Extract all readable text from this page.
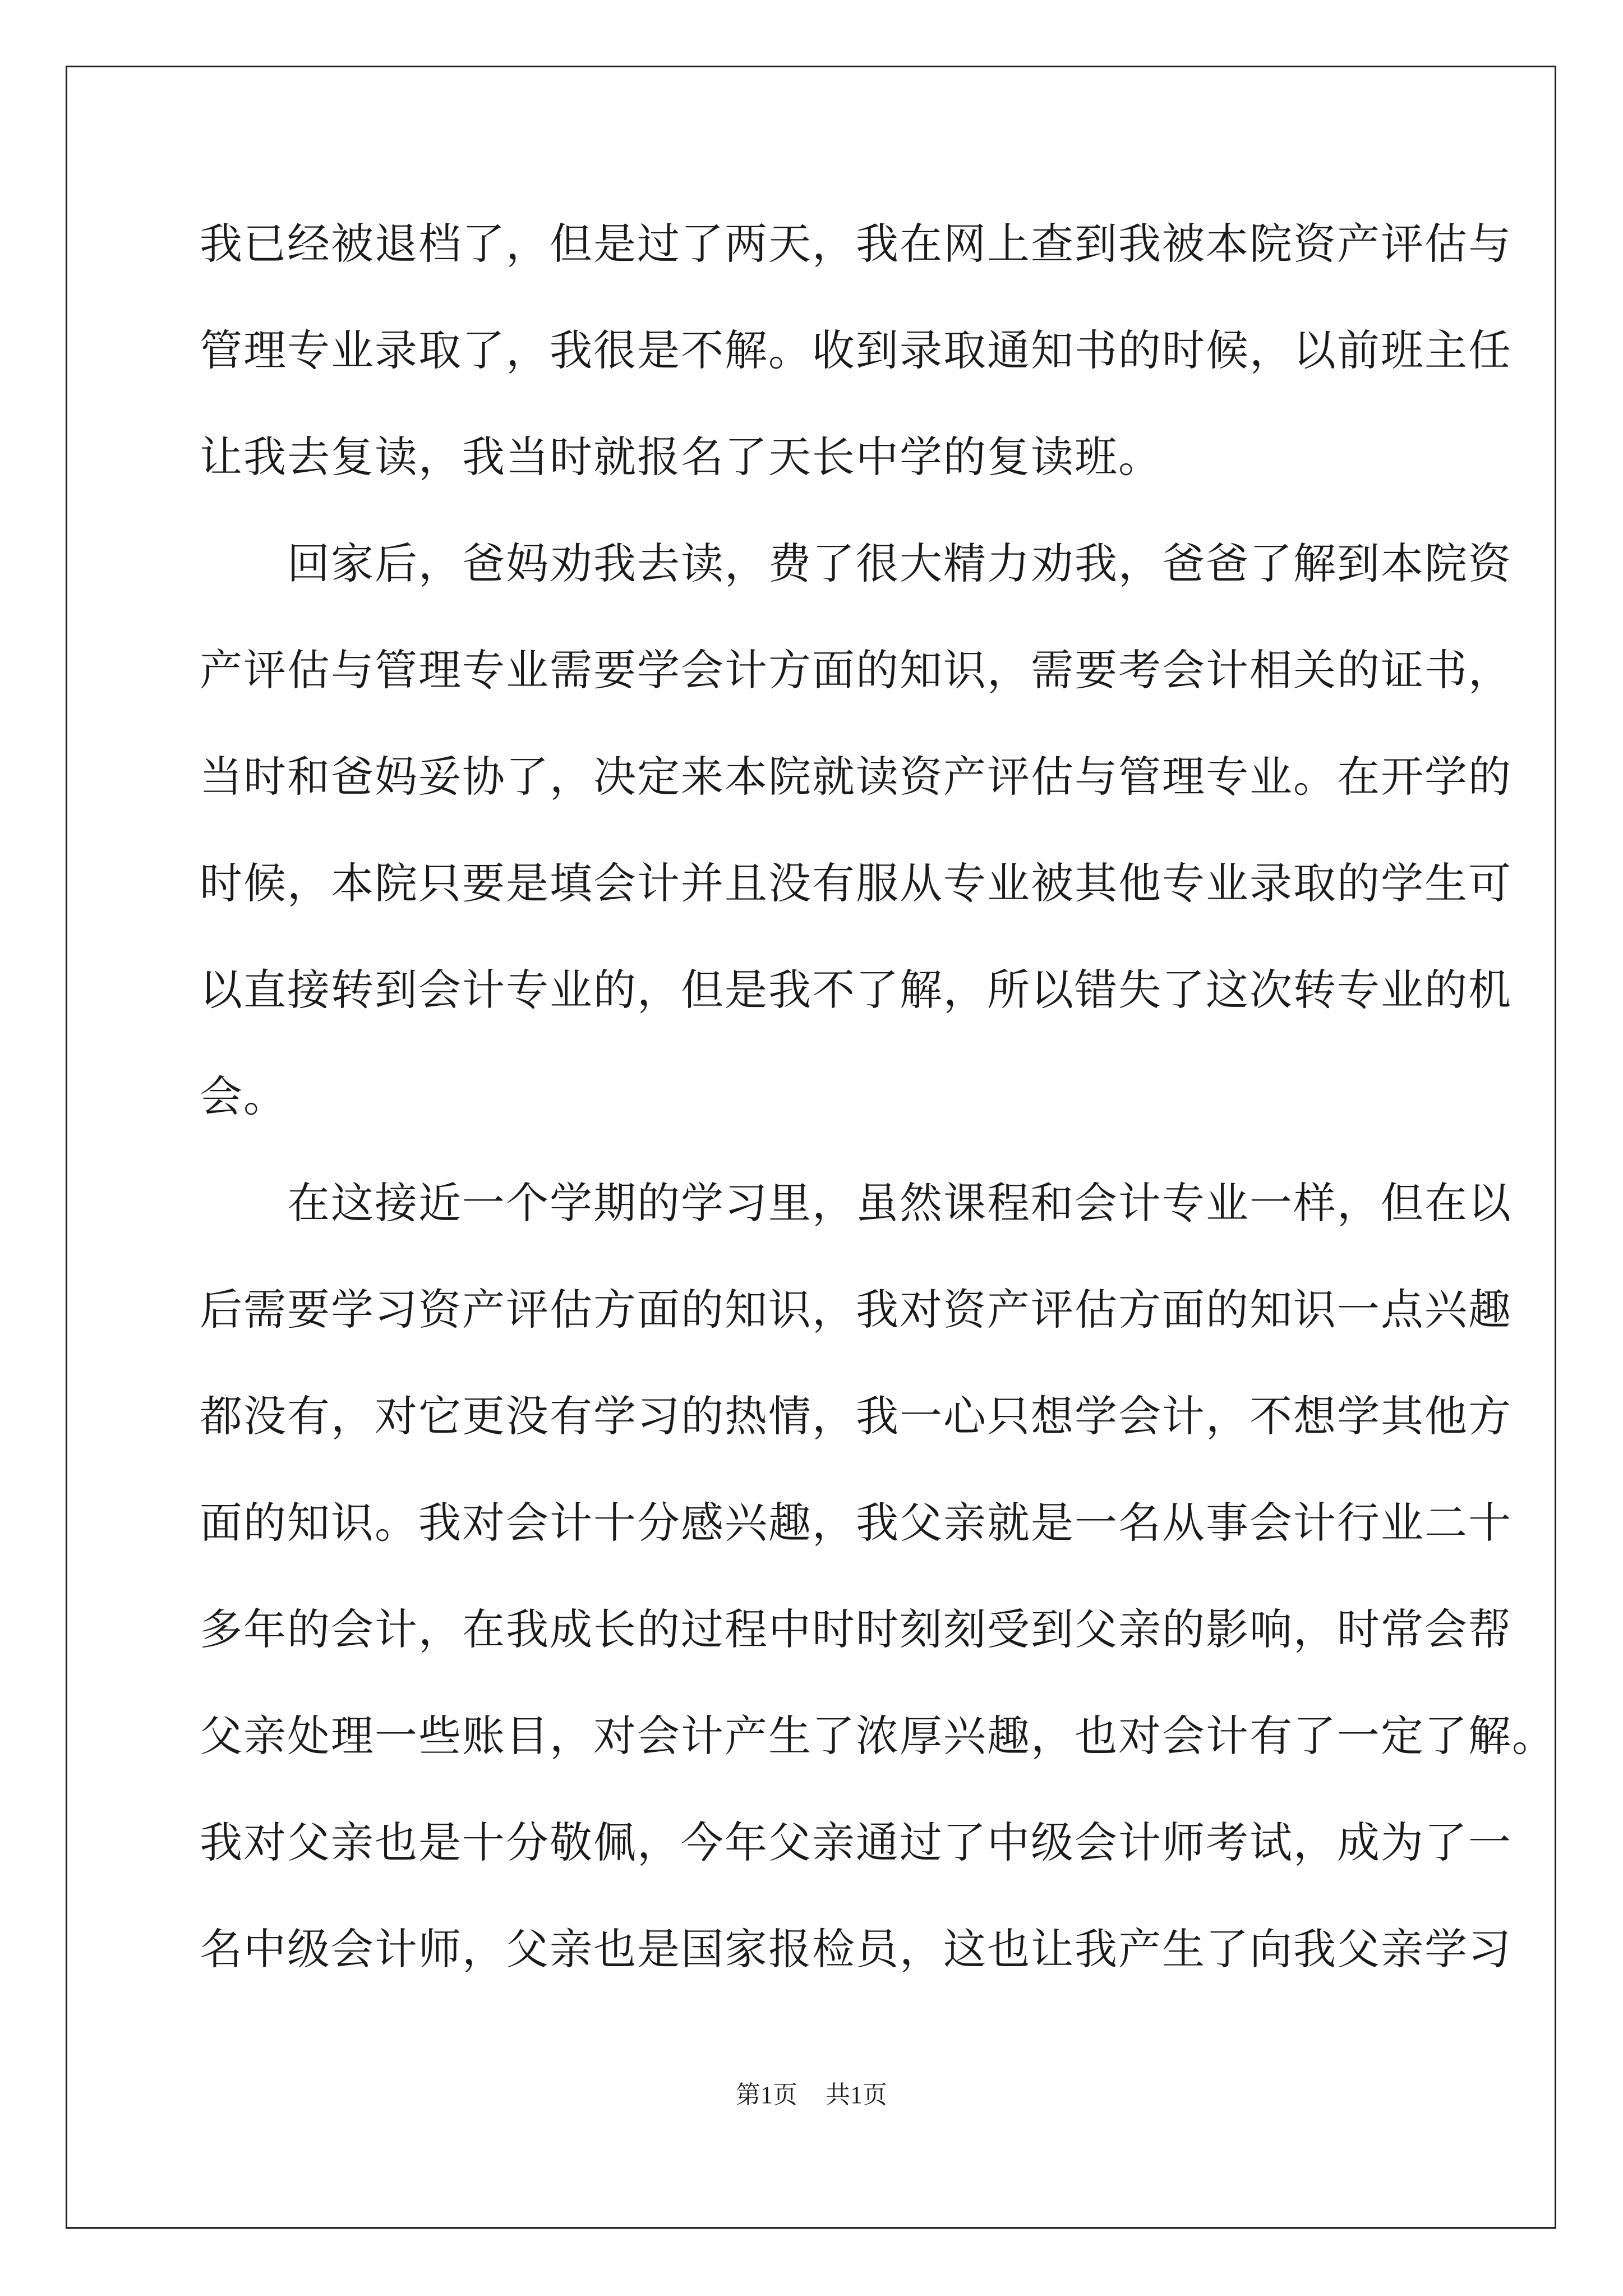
我已经被退档了，但是过了两天，我在网上查到我被本院资产评估与
管理专业录取了，我很是不解。收到录取通知书的时候，以前班主任
让我去复读，我当时就报名了天长中学的复读班。
　　回家后，爸妈劝我去读，费了很大精力劝我，爸爸了解到本院资
产评估与管理专业需要学会计方面的知识，需要考会计相关的证书，
当时和爸妈妥协了，决定来本院就读资产评估与管理专业。在开学的
时候，本院只要是填会计并且没有服从专业被其他专业录取的学生可
以直接转到会计专业的，但是我不了解，所以错失了这次转专业的机
会。
　　在这接近一个学期的学习里，虽然课程和会计专业一样，但在以
后需要学习资产评估方面的知识，我对资产评估方面的知识一点兴趣
都没有，对它更没有学习的热情，我一心只想学会计，不想学其他方
面的知识。我对会计十分感兴趣，我父亲就是一名从事会计行业二十
多年的会计，在我成长的过程中时时刻刻受到父亲的影响，时常会帮
父亲处理一些账目，对会计产生了浓厚兴趣，也对会计有了一定了解。
我对父亲也是十分敬佩，今年父亲通过了中级会计师考试，成为了一
名中级会计师，父亲也是国家报检员，这也让我产生了向我父亲学习
第1页 共1页
